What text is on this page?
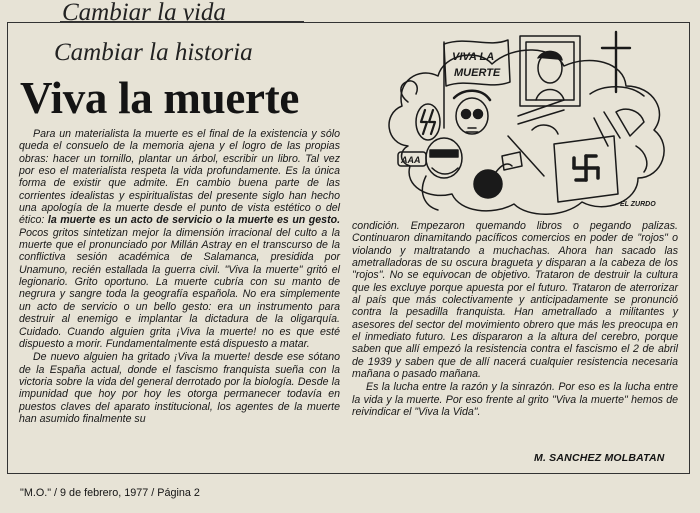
Cambiar la vida
Cambiar la historia
Viva la muerte

Para un materialista la muerte es el final de la existencia y sólo queda el consuelo de la memoria ajena y el logro de las propias obras: hacer un tornillo, plantar un árbol, escribir un libro. Tal vez por eso el materialista respeta la vida profundamente. Es la única forma de existir que admite. En cambio buena parte de las corrientes idealistas y espiritualistas del presente siglo han hecho una apología de la muerte desde el punto de vista estético o del ético: la muerte es un acto de servicio o la muerte es un gesto. Pocos gritos sintetizan mejor la dimensión irracional del culto a la muerte que el pronunciado por Millán Astray en el transcurso de la conflictiva sesión académica de Salamanca, presidida por Unamuno, recién estallada la guerra civil. "Viva la muerte" gritó el legionario. Grito oportuno. La muerte cubría con su manto de negrura y sangre toda la geografía española. No era simplemente un acto de servicio o un bello gesto: era un instrumento para destruir al enemigo e implantar la dictadura de la oligarquía. Cuidado. Cuando alguien grita ¡Viva la muerte! no es que esté dispuesto a morir. Fundamentalmente está dispuesto a matar.

De nuevo alguien ha gritado ¡Viva la muerte! desde ese sótano de la España actual, donde el fascismo franquista sueña con la victoria sobre la vida del general derrotado por la biología. Desde la impunidad que hoy por hoy les otorga permanecer todavía en puestos claves del aparato institucional, los agentes de la muerte han asumido finalmente su

condición. Empezaron quemando libros o pegando palizas. Continuaron dinamitando pacíficos comercios en poder de "rojos" o violando y maltratando a muchachas. Ahora han sacado las ametralladoras de su oscura bragueta y disparan a la cabeza de los "rojos". No se equivocan de objetivo. Trataron de destruir la cultura que les excluye porque apuesta por el futuro. Trataron de aterrorizar al país que más colectivamente y anticipadamente se pronunció contra la pesadilla franquista. Han ametrallado a militantes y asesores del sector del movimiento obrero que más les preocupa en el inmediato futuro. Les dispararon a la altura del cerebro, porque saben que allí empezó la resistencia contra el fascismo el 2 de abril de 1939 y saben que de allí nacerá cualquier resistencia necesaria mañana o pasado mañana.

Es la lucha entre la razón y la sinrazón. Por eso es la lucha entre la vida y la muerte. Por eso frente al grito "Viva la muerte" hemos de reivindicar el "Viva la Vida".

M. SANCHEZ MOLBATAN

"M.O." / 9 de febrero, 1977 / Página 2

VIVA LA
MUERTE
AAA
EL ZURDO
